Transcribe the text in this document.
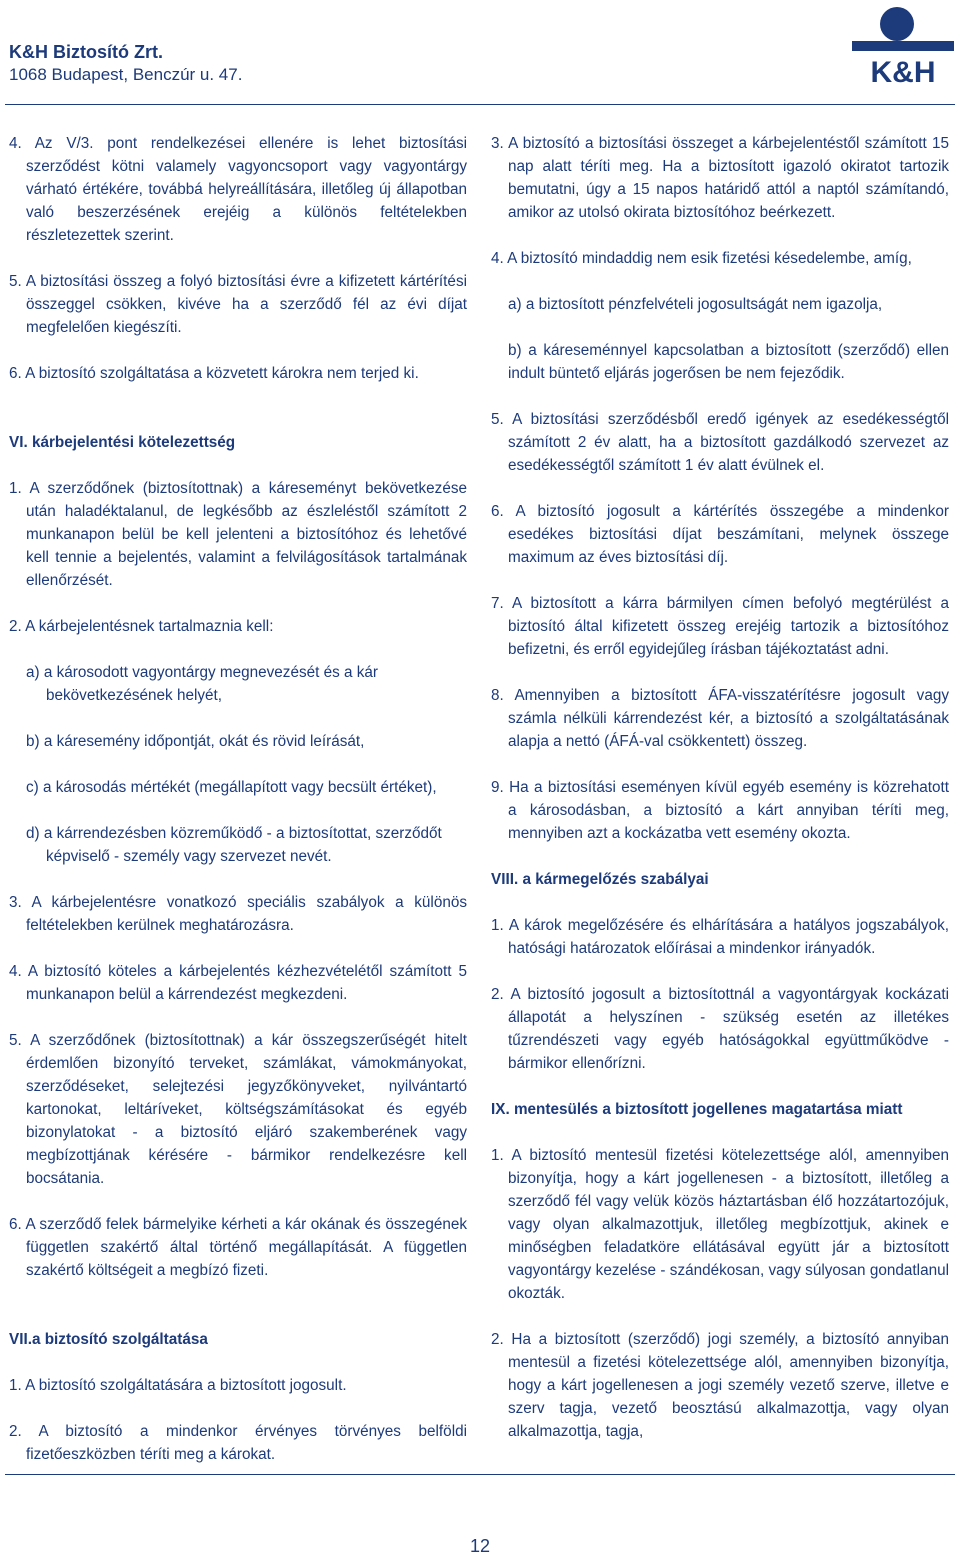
K&H Biztosító Zrt.
1068 Budapest, Benczúr u. 47.	K&H

4. Az V/3. pont rendelkezései ellenére is lehet biztosítási szerződést kötni valamely vagyoncsoport vagy vagyontárgy várható értékére, továbbá helyreállítására, illetőleg új állapotban való beszerzésének erejéig a különös feltételekben részletezettek szerint.

5. A biztosítási összeg a folyó biztosítási évre a kifizetett kártérítési összeggel csökken, kivéve ha a szerződő fél az évi díjat megfelelően kiegészíti.

6. A biztosító szolgáltatása a közvetett károkra nem terjed ki.

VI. kárbejelentési kötelezettség

1. A szerződőnek (biztosítottnak) a káreseményt bekövetkezése után haladéktalanul, de legkésőbb az észleléstől számított 2 munkanapon belül be kell jelenteni a biztosítóhoz és lehetővé kell tennie a bejelentés, valamint a felvilágosítások tartalmának ellenőrzését.

2. A kárbejelentésnek tartalmaznia kell:

a) a károsodott vagyontárgy megnevezését és a kár bekövetkezésének helyét,

b) a káresemény időpontját, okát és rövid leírását,

c) a károsodás mértékét (megállapított vagy becsült értéket),

d) a kárrendezésben közreműködő - a biztosítottat, szerződőt képviselő - személy vagy szervezet nevét.

3. A kárbejelentésre vonatkozó speciális szabályok a különös feltételekben kerülnek meghatározásra.

4. A biztosító köteles a kárbejelentés kézhezvételétől számított 5 munkanapon belül a kárrendezést megkezdeni.

5. A szerződőnek (biztosítottnak) a kár összegszerűségét hitelt érdemlően bizonyító terveket, számlákat, vámokmányokat, szerződéseket, selejtezési jegyzőkönyveket, nyilvántartó kartonokat, leltáríveket, költségszámításokat és egyéb bizonylatokat - a biztosító eljáró szakemberének vagy megbízottjának kérésére - bármikor rendelkezésre kell bocsátania.

6. A szerződő felek bármelyike kérheti a kár okának és összegének független szakértő által történő megállapítását. A független szakértő költségeit a megbízó fizeti.

VII.a biztosító szolgáltatása

1. A biztosító szolgáltatására a biztosított jogosult.

2. A biztosító a mindenkor érvényes törvényes belföldi fizetőeszközben téríti meg a károkat.

3. A biztosító a biztosítási összeget a kárbejelentéstől számított 15 nap alatt téríti meg. Ha a biztosított igazoló okiratot tartozik bemutatni, úgy a 15 napos határidő attól a naptól számítandó, amikor az utolsó okirata biztosítóhoz beérkezett.

4. A biztosító mindaddig nem esik fizetési késedelembe, amíg,

a) a biztosított pénzfelvételi jogosultságát nem igazolja,

b) a káreseménnyel kapcsolatban a biztosított (szerződő) ellen indult büntető eljárás jogerősen be nem fejeződik.

5. A biztosítási szerződésből eredő igények az esedékességtől számított 2 év alatt, ha a biztosított gazdálkodó szervezet az esedékességtől számított 1 év alatt évülnek el.

6. A biztosító jogosult a kártérítés összegébe a mindenkor esedékes biztosítási díjat beszámítani, melynek összege maximum az éves biztosítási díj.

7. A biztosított a kárra bármilyen címen befolyó megtérülést a biztosító által kifizetett összeg erejéig tartozik a biztosítóhoz befizetni, és erről egyidejűleg írásban tájékoztatást adni.

8. Amennyiben a biztosított ÁFA-visszatérítésre jogosult vagy számla nélküli kárrendezést kér, a biztosító a szolgáltatásának alapja a nettó (ÁFÁ-val csökkentett) összeg.

9. Ha a biztosítási eseményen kívül egyéb esemény is közrehatott a károsodásban, a biztosító a kárt annyiban téríti meg, mennyiben azt a kockázatba vett esemény okozta.

VIII. a kármegelőzés szabályai

1. A károk megelőzésére és elhárítására a hatályos jogszabályok, hatósági határozatok előírásai a mindenkor irányadók.

2. A biztosító jogosult a biztosítottnál a vagyontárgyak kockázati állapotát a helyszínen - szükség esetén az illetékes tűzrendészeti vagy egyéb hatóságokkal együttműködve - bármikor ellenőrízni.

IX. mentesülés a biztosított jogellenes magatartása miatt

1. A biztosító mentesül fizetési kötelezettsége alól, amennyiben bizonyítja, hogy a kárt jogellenesen - a biztosított, illetőleg a szerződő fél vagy velük közös háztartásban élő hozzátartozójuk, vagy olyan alkalmazottjuk, illetőleg megbízottjuk, akinek e minőségben feladatköre ellátásával együtt jár a biztosított vagyontárgy kezelése - szándékosan, vagy súlyosan gondatlanul okozták.

2. Ha a biztosított (szerződő) jogi személy, a biztosító annyiban mentesül a fizetési kötelezettsége alól, amennyiben bizonyítja, hogy a kárt jogellenesen a jogi személy vezető szerve, illetve e szerv tagja, vezető beosztású alkalmazottja, vagy olyan alkalmazottja, tagja,

12
